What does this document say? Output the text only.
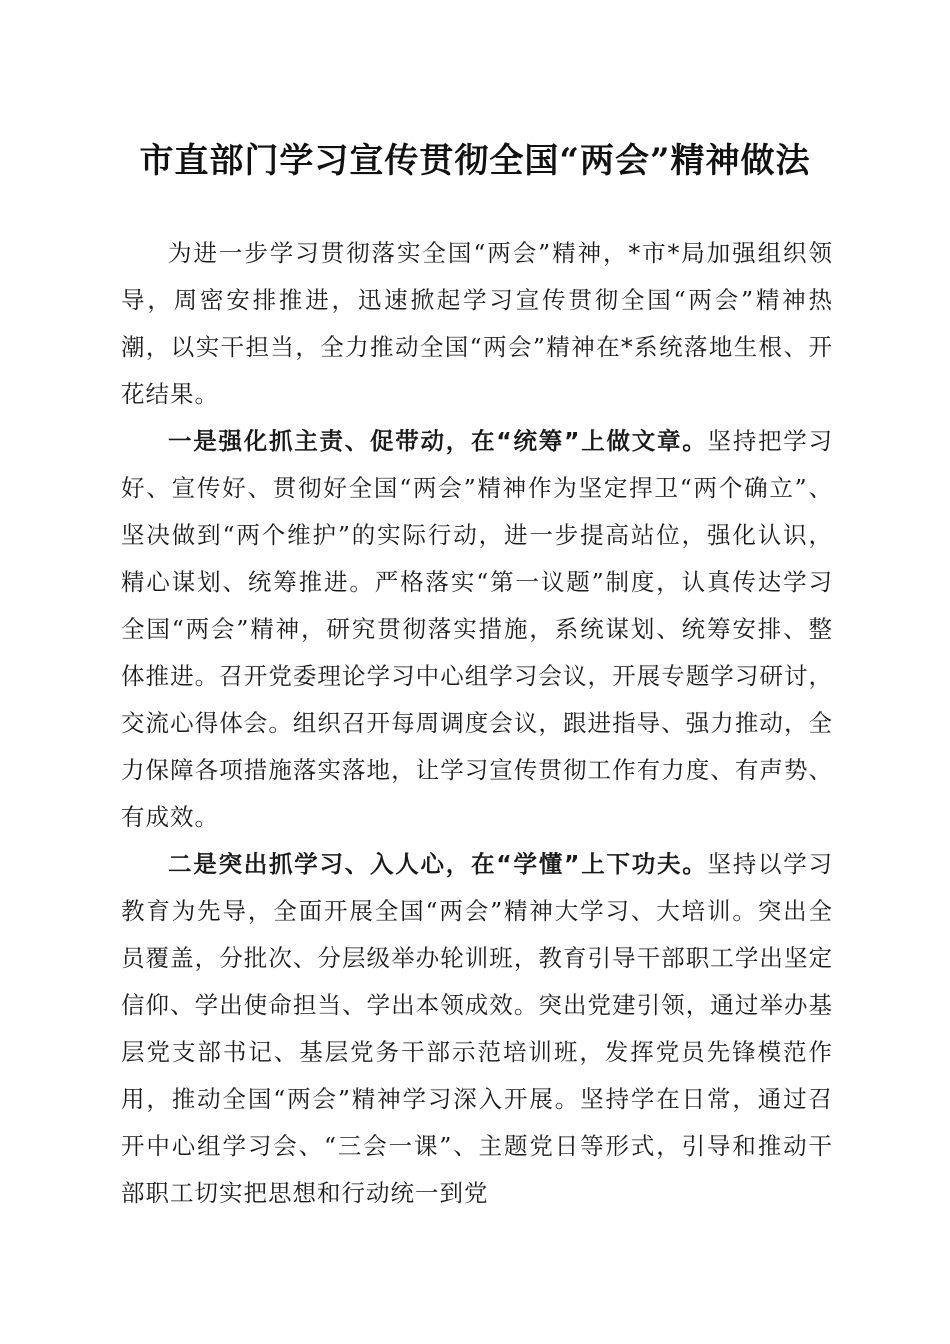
市直部门学习宣传贯彻全国“两会”精神做法

为进一步学习贯彻落实全国“两会”精神，*市*局加强组织领导，周密安排推进，迅速掀起学习宣传贯彻全国“两会”精神热潮，以实干担当，全力推动全国“两会”精神在*系统落地生根、开花结果。

一是强化抓主责、促带动，在“统筹”上做文章。坚持把学习好、宣传好、贯彻好全国“两会”精神作为坚定捍卫“两个确立”、坚决做到“两个维护”的实际行动，进一步提高站位，强化认识，精心谋划、统筹推进。严格落实“第一议题”制度，认真传达学习全国“两会”精神，研究贯彻落实措施，系统谋划、统筹安排、整体推进。召开党委理论学习中心组学习会议，开展专题学习研讨，交流心得体会。组织召开每周调度会议，跟进指导、强力推动，全力保障各项措施落实落地，让学习宣传贯彻工作有力度、有声势、有成效。

二是突出抓学习、入人心，在“学懂”上下功夫。坚持以学习教育为先导，全面开展全国“两会”精神大学习、大培训。突出全员覆盖，分批次、分层级举办轮训班，教育引导干部职工学出坚定信仰、学出使命担当、学出本领成效。突出党建引领，通过举办基层党支部书记、基层党务干部示范培训班，发挥党员先锋模范作用，推动全国“两会”精神学习深入开展。坚持学在日常，通过召开中心组学习会、“三会一课”、主题党日等形式，引导和推动干部职工切实把思想和行动统一到党
